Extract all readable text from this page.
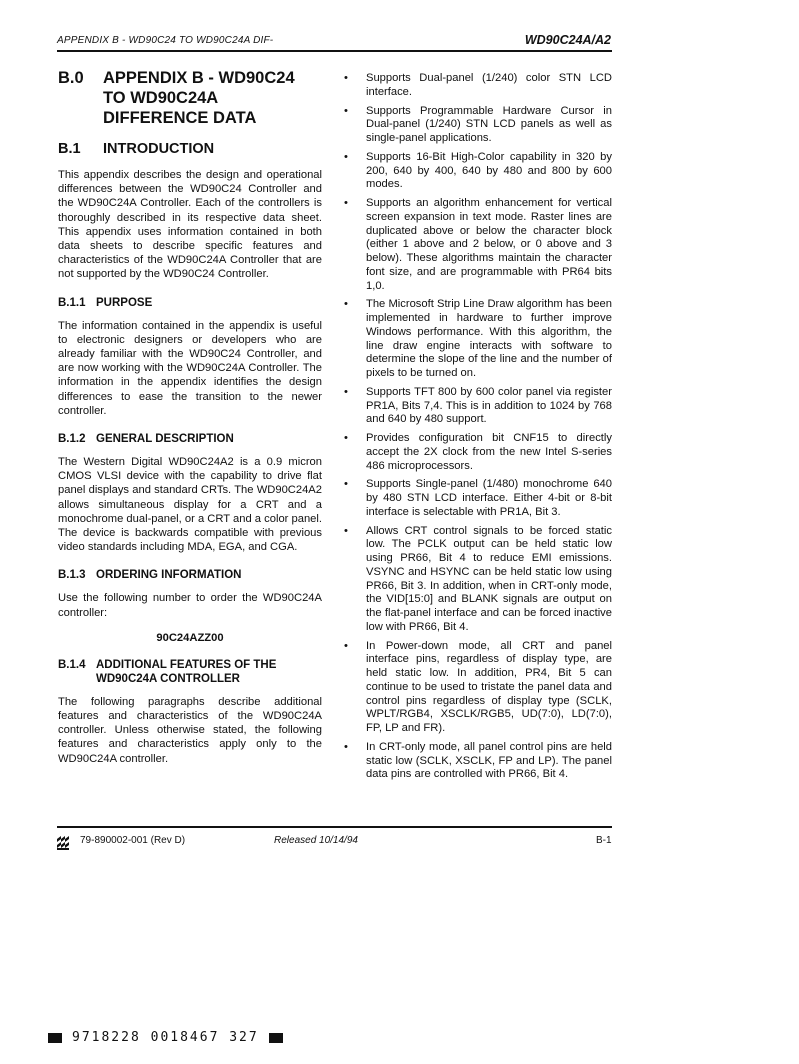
APPENDIX B - WD90C24 TO WD90C24A DIF-	WD90C24A/A2
B.0	APPENDIX B - WD90C24 TO WD90C24A DIFFERENCE DATA
B.1	INTRODUCTION

This appendix describes the design and operational differences between the WD90C24 Controller and the WD90C24A Controller. Each of the controllers is thoroughly described in its respective data sheet. This appendix uses information contained in both data sheets to describe specific features and characteristics of the WD90C24A Controller that are not supported by the WD90C24 Controller.

B.1.1 PURPOSE

The information contained in the appendix is useful to electronic designers or developers who are already familiar with the WD90C24 Controller, and are now working with the WD90C24A Controller. The information in the appendix identifies the design differences to ease the transition to the newer controller.

B.1.2 GENERAL DESCRIPTION

The Western Digital WD90C24A2 is a 0.9 micron CMOS VLSI device with the capability to drive flat panel displays and standard CRTs. The WD90C24A2 allows simultaneous display for a CRT and a monochrome dual-panel, or a CRT and a color panel. The device is backwards compatible with previous video standards including MDA, EGA, and CGA.

B.1.3 ORDERING INFORMATION

Use the following number to order the WD90C24A controller:

90C24AZZ00
B.1.4 ADDITIONAL FEATURES OF THE WD90C24A CONTROLLER

The following paragraphs describe additional features and characteristics of the WD90C24A controller. Unless otherwise stated, the following features and characteristics apply only to the WD90C24A controller.

• Supports Dual-panel (1/240) color STN LCD interface.
• Supports Programmable Hardware Cursor in Dual-panel (1/240) STN LCD panels as well as single-panel applications.
• Supports 16-Bit High-Color capability in 320 by 200, 640 by 400, 640 by 480 and 800 by 600 modes.
• Supports an algorithm enhancement for vertical screen expansion in text mode. Raster lines are duplicated above or below the character block (either 1 above and 2 below, or 0 above and 3 below). These algorithms maintain the character font size, and are programmable with PR64 bits 1,0.
• The Microsoft Strip Line Draw algorithm has been implemented in hardware to further improve Windows performance. With this algorithm, the line draw engine interacts with software to determine the slope of the line and the number of pixels to be turned on.
• Supports TFT 800 by 600 color panel via register PR1A, Bits 7,4. This is in addition to 1024 by 768 and 640 by 480 support.
• Provides configuration bit CNF15 to directly accept the 2X clock from the new Intel S-series 486 microprocessors.
• Supports Single-panel (1/480) monochrome 640 by 480 STN LCD interface. Either 4-bit or 8-bit interface is selectable with PR1A, Bit 3.
• Allows CRT control signals to be forced static low. The PCLK output can be held static low using PR66, Bit 4 to reduce EMI emissions. VSYNC and HSYNC can be held static low using PR66, Bit 3. In addition, when in CRT-only mode, the VID[15:0] and BLANK signals are output on the flat-panel interface and can be forced inactive low with PR66, Bit 4.
• In Power-down mode, all CRT and panel interface pins, regardless of display type, are held static low. In addition, PR4, Bit 5 can continue to be used to tristate the panel data and control pins regardless of display type (SCLK, WPLT/RGB4, XSCLK/RGB5, UD(7:0), LD(7:0), FP, LP and FR).
• In CRT-only mode, all panel control pins are held static low (SCLK, XSCLK, FP and LP). The panel data pins are controlled with PR66, Bit 4.
79-890002-001 (Rev D)	Released 10/14/94	B-1
9718228 0018467 327
